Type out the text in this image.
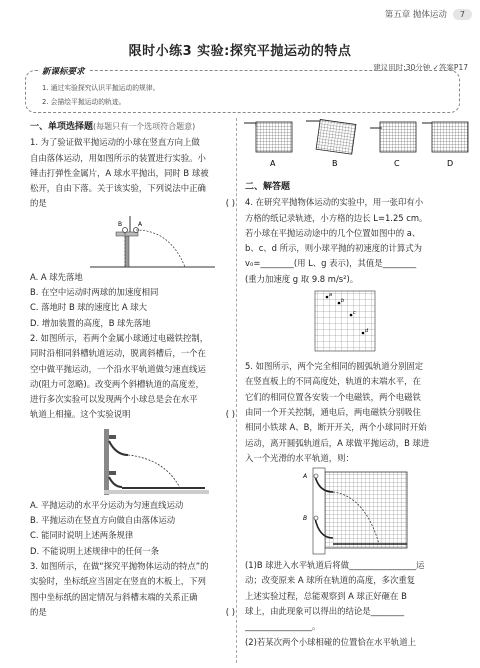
第五章 抛体运动	7
限时小练3 实验:探究平抛运动的特点
建议用时:30分钟 ✓答案P17
新课标要求
1. 通过实验探究认识平抛运动的规律。
2. 会描绘平抛运动的轨迹。
一、单项选择题(每题只有一个选项符合题意)
1. 为了验证做平抛运动的小球在竖直方向上做
自由落体运动，用如图所示的装置进行实验。小
锤击打弹性金属片，A 球水平抛出，同时 B 球被
松开，自由下落。关于该实验，下列说法中正确
的是	( )
B	A
A. A 球先落地
B. 在空中运动时两球的加速度相同
C. 落地时 B 球的速度比 A 球大
D. 增加装置的高度，B 球先落地
2. 如图所示，若两个金属小球通过电磁铁控制，
同时沿相同斜槽轨道运动，脱离斜槽后，一个在
空中做平抛运动，一个沿水平轨道做匀速直线运
动(阻力可忽略)。改变两个斜槽轨道的高度差，
进行多次实验可以发现两个小球总是会在水平
轨道上相撞。这个实验说明	( )
A. 平抛运动的水平分运动为匀速直线运动
B. 平抛运动在竖直方向做自由落体运动
C. 能同时说明上述两条规律
D. 不能说明上述规律中的任何一条
3. 如图所示，在做“探究平抛物体运动的特点”的
实验时，坐标纸应当固定在竖直的木板上，下列
图中坐标纸的固定情况与斜槽末端的关系正确
的是	( )
A	B	C	D
二、解答题
4. 在研究平抛物体运动的实验中，用一张印有小
方格的纸记录轨迹，小方格的边长 L=1.25 cm。
若小球在平抛运动途中的几个位置如图中的 a、
b、c、d 所示，则小球平抛的初速度的计算式为
v₀=________(用 L、g 表示)，其值是________
(重力加速度 g 取 9.8 m/s²)。
a
b
c
d
5. 如图所示，两个完全相同的圆弧轨道分别固定
在竖直板上的不同高度处，轨道的末端水平，在
它们的相同位置各安装一个电磁铁，两个电磁铁
由同一个开关控制，通电后，两电磁铁分别吸住
相同小铁球 A、B，断开开关，两个小球同时开始
运动，离开圆弧轨道后，A 球做平抛运动，B 球进
入一个光滑的水平轨道，则：
A
B
(1)B 球进入水平轨道后将做________________运
动；改变原来 A 球所在轨道的高度，多次重复
上述实验过程，总能观察到 A 球正好砸在 B
球上，由此现象可以得出的结论是________
________________。
(2)若某次两个小球相碰的位置恰在水平轨道上
